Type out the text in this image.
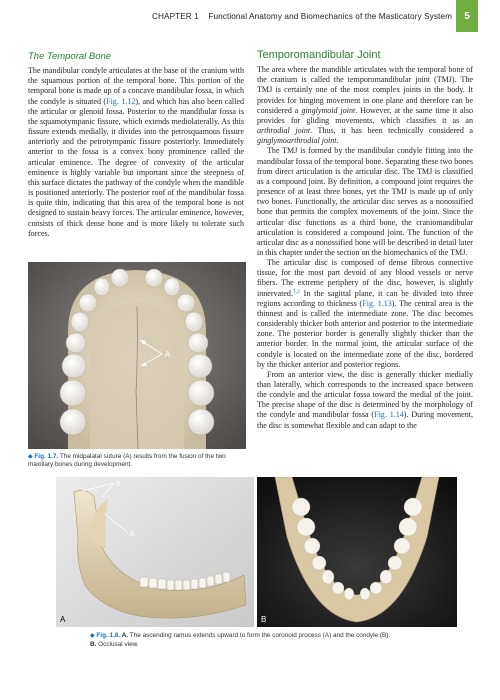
CHAPTER 1 Functional Anatomy and Biomechanics of the Masticatory System	5
The Temporal Bone

The mandibular condyle articulates at the base of the cranium with the squamous portion of the temporal bone. This portion of the temporal bone is made up of a concave mandibular fossa, in which the condyle is situated (Fig. 1.12), and which has also been called the articular or glenoid fossa. Posterior to the mandibular fossa is the squamotympanic fissure, which extends mediolaterally. As this fissure extends medially, it divides into the petrosquamous fissure anteriorly and the petrotympanic fissure posteriorly. Immediately anterior to the fossa is a convex bony prominence called the articular eminence. The degree of convexity of the articular eminence is highly variable but important since the steepness of this surface dictates the pathway of the condyle when the mandible is positioned anteriorly. The posterior roof of the mandibular fossa is quite thin, indicating that this area of the temporal bone is not designed to sustain heavy forces. The articular eminence, however, consists of thick dense bone and is more likely to tolerate such forces.

A
◆ Fig. 1.7. The midpalatal suture (A) results from the fusion of the two maxillary bones during development.
Temporomandibular Joint

The area where the mandible articulates with the temporal bone of the cranium is called the temporomandibular joint (TMJ). The TMJ is certainly one of the most complex joints in the body. It provides for hinging movement in one plane and therefore can be considered a ginglymoid joint. However, at the same time it also provides for gliding movements, which classifies it as an arthrodial joint. Thus, it has been technically considered a ginglymoarthrodial joint.

The TMJ is formed by the mandibular condyle fitting into the mandibular fossa of the temporal bone. Separating these two bones from direct articulation is the articular disc. The TMJ is classified as a compound joint. By definition, a compound joint requires the presence of at least three bones, yet the TMJ is made up of only two bones. Functionally, the articular disc serves as a nonossified bone that permits the complex movements of the joint. Since the articular disc functions as a third bone, the craniomandibular articulation is considered a compound joint. The function of the articular disc as a nonossified bone will be described in detail later in this chapter under the section on the biomechanics of the TMJ.

The articular disc is composed of dense fibrous connective tissue, for the most part devoid of any blood vessels or nerve fibers. The extreme periphery of the disc, however, is slightly innervated.$^{1,2}$ In the sagittal plane, it can be divided into three regions according to thickness (Fig. 1.13). The central area is the thinnest and is called the intermediate zone. The disc becomes considerably thicker both anterior and posterior to the intermediate zone. The posterior border is generally slightly thicker than the anterior border. In the normal joint, the articular surface of the condyle is located on the intermediate zone of the disc, bordered by the thicker anterior and posterior regions.

From an anterior view, the disc is generally thicker medially than laterally, which corresponds to the increased space between the condyle and the articular fossa toward the medial of the joint. The precise shape of the disc is determined by the morphology of the condyle and mandibular fossa (Fig. 1.14). During movement, the disc is somewhat flexible and can adapt to the

B
A
A	B
◆ Fig. 1.8. A. The ascending ramus extends upward to form the coronoid process (A) and the condyle (B).
B. Occlusal view.
